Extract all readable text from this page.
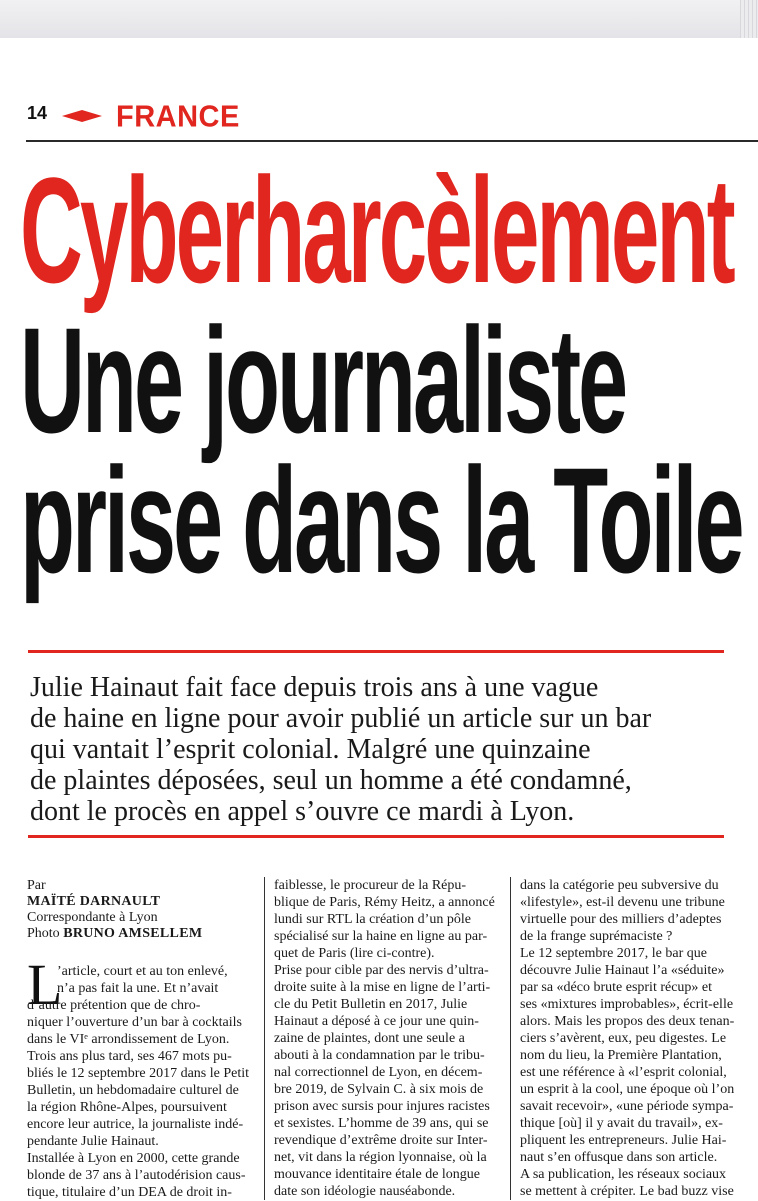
14 FRANCE
Cyberharcèlement
Une journaliste
prise dans la Toile
Julie Hainaut fait face depuis trois ans à une vague
de haine en ligne pour avoir publié un article sur un bar
qui vantait l’esprit colonial. Malgré une quinzaine
de plaintes déposées, seul un homme a été condamné,
dont le procès en appel s’ouvre ce mardi à Lyon.
Par
MAÏTÉ DARNAULT
Correspondante à Lyon
Photo BRUNO AMSELLEM
L
’article, court et au ton enlevé,
n’a pas fait la une. Et n’avait
d’autre prétention que de chro-
niquer l’ouverture d’un bar à cocktails
dans le VIᵉ arrondissement de Lyon.
Trois ans plus tard, ses 467 mots pu-
bliés le 12 septembre 2017 dans le Petit
Bulletin, un hebdomadaire culturel de
la région Rhône-Alpes, poursuivent
encore leur autrice, la journaliste indé-
pendante Julie Hainaut.
Installée à Lyon en 2000, cette grande
blonde de 37 ans à l’autodérision caus-
tique, titulaire d’un DEA de droit in-
faiblesse, le procureur de la Répu-
blique de Paris, Rémy Heitz, a annoncé
lundi sur RTL la création d’un pôle
spécialisé sur la haine en ligne au par-
quet de Paris (lire ci-contre).
Prise pour cible par des nervis d’ultra-
droite suite à la mise en ligne de l’arti-
cle du Petit Bulletin en 2017, Julie
Hainaut a déposé à ce jour une quin-
zaine de plaintes, dont une seule a
abouti à la condamnation par le tribu-
nal correctionnel de Lyon, en décem-
bre 2019, de Sylvain C. à six mois de
prison avec sursis pour injures racistes
et sexistes. L’homme de 39 ans, qui se
revendique d’extrême droite sur Inter-
net, vit dans la région lyonnaise, où la
mouvance identitaire étale de longue
date son idéologie nauséabonde.
dans la catégorie peu subversive du
«lifestyle», est-il devenu une tribune
virtuelle pour des milliers d’adeptes
de la frange suprémaciste ?
Le 12 septembre 2017, le bar que
découvre Julie Hainaut l’a «séduite»
par sa «déco brute esprit récup» et
ses «mixtures improbables», écrit-elle
alors. Mais les propos des deux tenan-
ciers s’avèrent, eux, peu digestes. Le
nom du lieu, la Première Plantation,
est une référence à «l’esprit colonial,
un esprit à la cool, une époque où l’on
savait recevoir», «une période sympa-
thique [où] il y avait du travail», ex-
pliquent les entrepreneurs. Julie Hai-
naut s’en offusque dans son article.
A sa publication, les réseaux sociaux
se mettent à crépiter. Le bad buzz vise
